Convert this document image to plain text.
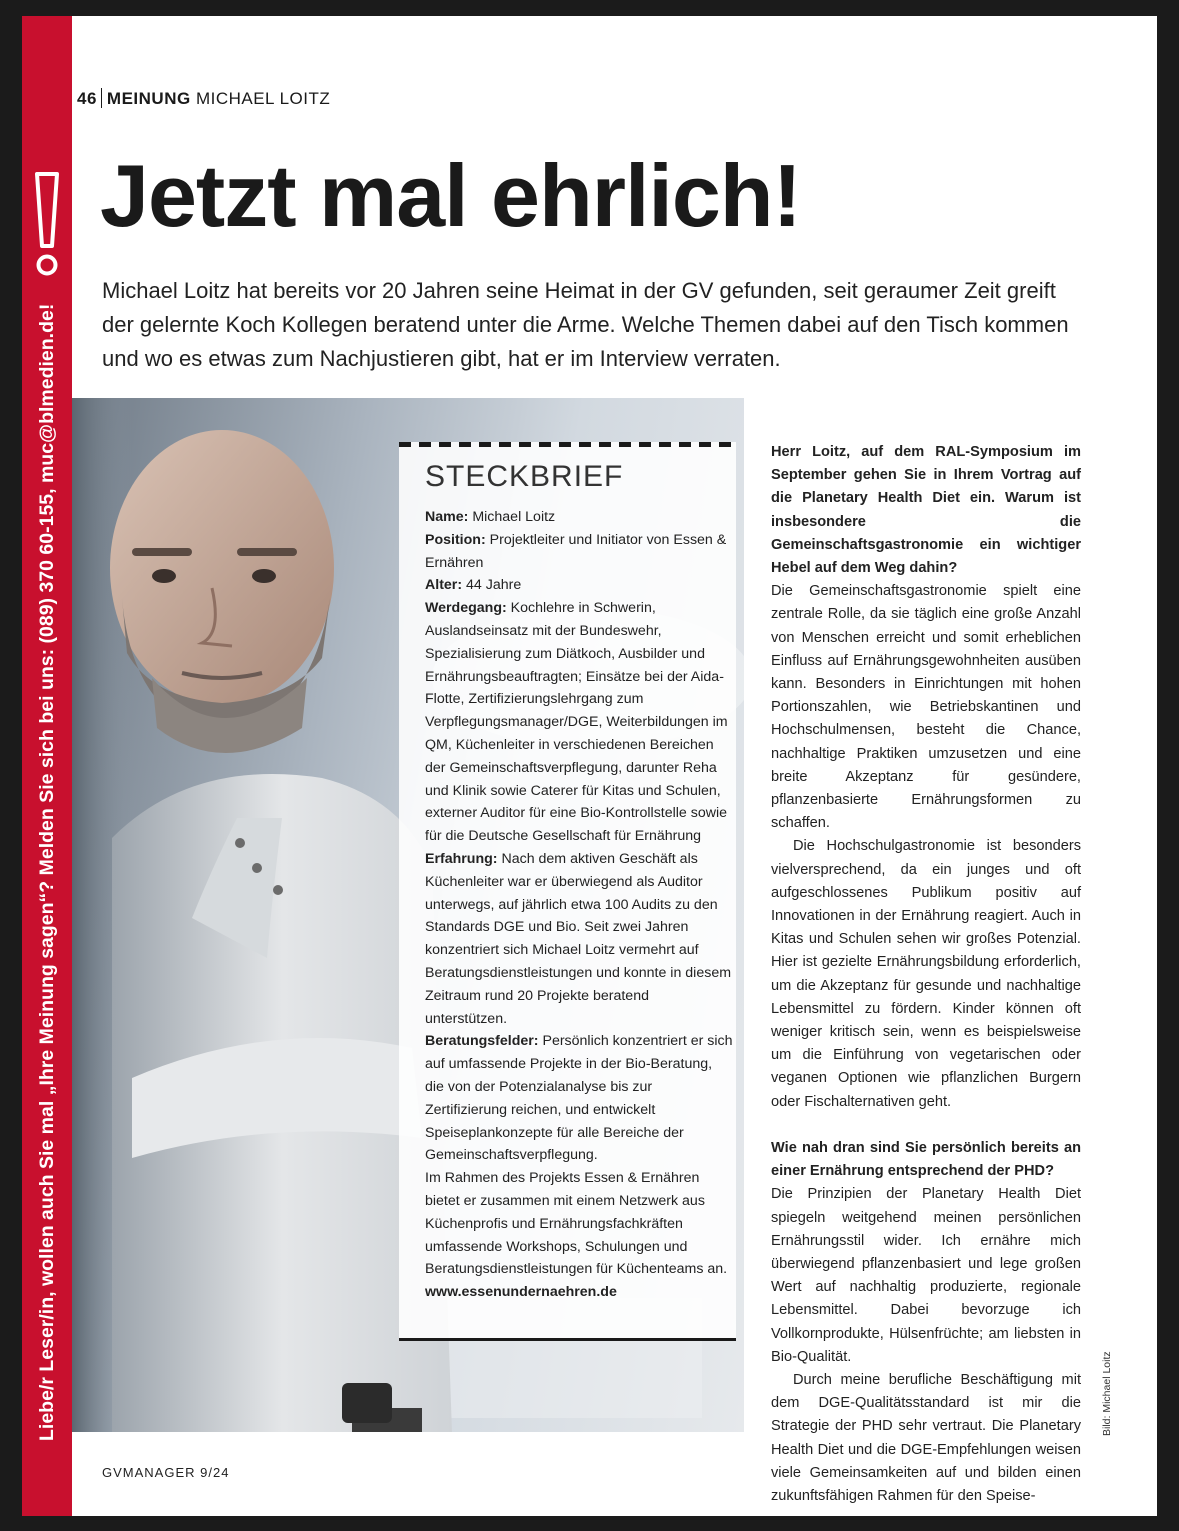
Liebe/r Leser/in, wollen auch Sie mal „Ihre Meinung sagen“? Melden Sie sich bei uns: (089) 370 60-155, muc@blmedien.de!
46 MEINUNG MICHAEL LOITZ
Jetzt mal ehrlich!

Michael Loitz hat bereits vor 20 Jahren seine Heimat in der GV gefunden, seit geraumer Zeit greift der gelernte Koch Kollegen beratend unter die Arme. Welche Themen dabei auf den Tisch kommen und wo es etwas zum Nachjustieren gibt, hat er im Interview verraten.

STECKBRIEF

Name: Michael Loitz

Position: Projektleiter und Initiator von Essen & Ernähren

Alter: 44 Jahre

Werdegang: Kochlehre in Schwerin, Auslandseinsatz mit der Bundeswehr, Spezialisierung zum Diätkoch, Ausbilder und Ernährungsbeauftragten; Einsätze bei der Aida-Flotte, Zertifizierungslehrgang zum Verpflegungsmanager/DGE, Weiterbildungen im QM, Küchenleiter in verschiedenen Bereichen der Gemeinschaftsverpflegung, darunter Reha und Klinik sowie Caterer für Kitas und Schulen, externer Auditor für eine Bio-Kontrollstelle sowie für die Deutsche Gesellschaft für Ernährung

Erfahrung: Nach dem aktiven Geschäft als Küchenleiter war er überwiegend als Auditor unterwegs, auf jährlich etwa 100 Audits zu den Standards DGE und Bio. Seit zwei Jahren konzentriert sich Michael Loitz vermehrt auf Beratungsdienstleistungen und konnte in diesem Zeitraum rund 20 Projekte beratend unterstützen.

Beratungsfelder: Persönlich konzentriert er sich auf umfassende Projekte in der Bio-Beratung, die von der Potenzialanalyse bis zur Zertifizierung reichen, und entwickelt Speiseplankonzepte für alle Bereiche der Gemeinschaftsverpflegung.

Im Rahmen des Projekts Essen & Ernähren bietet er zusammen mit einem Netzwerk aus Küchenprofis und Ernährungsfachkräften umfassende Workshops, Schulungen und Beratungsdienstleistungen für Küchenteams an.

www.essenundernaehren.de

Herr Loitz, auf dem RAL-Symposium im September gehen Sie in Ihrem Vortrag auf die Planetary Health Diet ein. Warum ist insbesondere die Gemeinschaftsgastronomie ein wichtiger Hebel auf dem Weg dahin?

Die Gemeinschaftsgastronomie spielt eine zentrale Rolle, da sie täglich eine große Anzahl von Menschen erreicht und somit erheblichen Einfluss auf Ernährungsgewohnheiten ausüben kann. Besonders in Einrichtungen mit hohen Portionszahlen, wie Betriebskantinen und Hochschulmensen, besteht die Chance, nachhaltige Praktiken umzusetzen und eine breite Akzeptanz für gesündere, pflanzenbasierte Ernährungsformen zu schaffen.

Die Hochschulgastronomie ist besonders vielversprechend, da ein junges und oft aufgeschlossenes Publikum positiv auf Innovationen in der Ernährung reagiert. Auch in Kitas und Schulen sehen wir großes Potenzial. Hier ist gezielte Ernährungsbildung erforderlich, um die Akzeptanz für gesunde und nachhaltige Lebensmittel zu fördern. Kinder können oft weniger kritisch sein, wenn es beispielsweise um die Einführung von vegetarischen oder veganen Optionen wie pflanzlichen Burgern oder Fischalternativen geht.

Wie nah dran sind Sie persönlich bereits an einer Ernährung entsprechend der PHD?

Die Prinzipien der Planetary Health Diet spiegeln weitgehend meinen persönlichen Ernährungsstil wider. Ich ernähre mich überwiegend pflanzenbasiert und lege großen Wert auf nachhaltig produzierte, regionale Lebensmittel. Dabei bevorzuge ich Vollkornprodukte, Hülsenfrüchte; am liebsten in Bio-Qualität.

Durch meine berufliche Beschäftigung mit dem DGE-Qualitätsstandard ist mir die Strategie der PHD sehr vertraut. Die Planetary Health Diet und die DGE-Empfehlungen weisen viele Gemeinsamkeiten auf und bilden einen zukunftsfähigen Rahmen für den Speise-

Bild: Michael Loitz
GVMANAGER 9/24
